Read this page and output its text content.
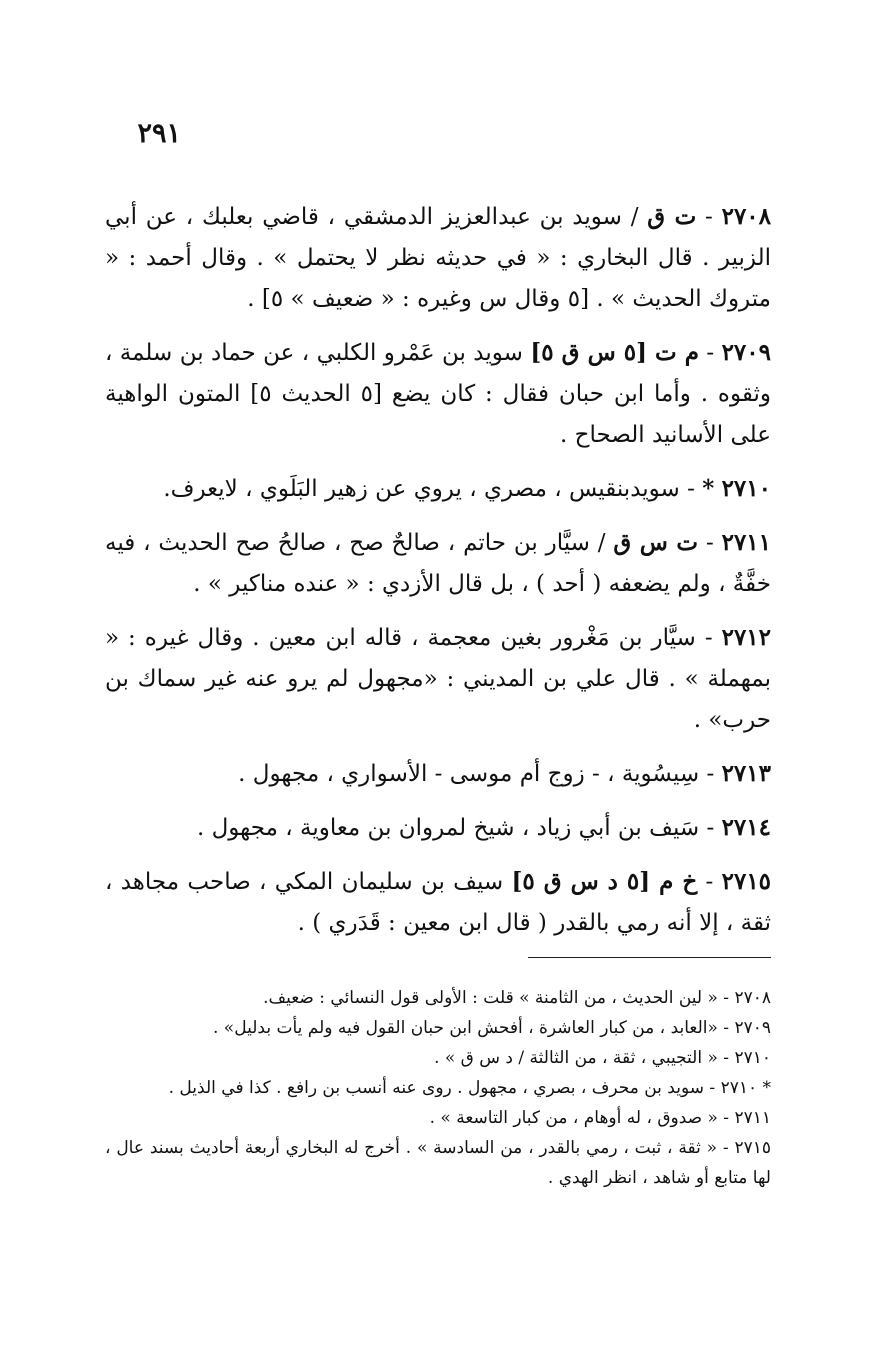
٢٩١

٢٧٠٨ - ت ق / سويد بن عبدالعزيز الدمشقي ، قاضي بعلبك ، عن أبي الزبير . قال البخاري : « في حديثه نظر لا يحتمل » . وقال أحمد : « متروك الحديث » . [٥ وقال س وغيره : « ضعيف » ٥] .

٢٧٠٩ - م ت [٥ س ق ٥] سويد بن عَمْرو الكلبي ، عن حماد بن سلمة ، وثقوه . وأما ابن حبان فقال : كان يضع [٥ الحديث ٥] المتون الواهية على الأسانيد الصحاح .

٢٧١٠ * - سويدبنقيس ، مصري ، يروي عن زهير البَلَوي ، لايعرف.

٢٧١١ - ت س ق / سيَّار بن حاتم ، صالحٌ صح ، صالحُ صح الحديث ، فيه خفَّةٌ ، ولم يضعفه ( أحد ) ، بل قال الأزدي : « عنده مناكير » .

٢٧١٢ - سيَّار بن مَغْرور بغين معجمة ، قاله ابن معين . وقال غيره : « بمهملة » . قال علي بن المديني : «مجهول لم يرو عنه غير سماك بن حرب» .

٢٧١٣ - سِيسُوية ، - زوج أم موسى - الأسواري ، مجهول .

٢٧١٤ - سَيف بن أبي زياد ، شيخ لمروان بن معاوية ، مجهول .

٢٧١٥ - خ م [٥ د س ق ٥] سيف بن سليمان المكي ، صاحب مجاهد ، ثقة ، إلا أنه رمي بالقدر ( قال ابن معين : قَدَري ) .

٢٧٠٨ - « لين الحديث ، من الثامنة » قلت : الأولى قول النسائي : ضعيف.

٢٧٠٩ - «العابد ، من كبار العاشرة ، أفحش ابن حبان القول فيه ولم يأت بدليل» .

٢٧١٠ - « التجيبي ، ثقة ، من الثالثة / د س ق » .

* ٢٧١٠ - سويد بن محرف ، بصري ، مجهول . روى عنه أنسب بن رافع . كذا في الذيل .

٢٧١١ - « صدوق ، له أوهام ، من كبار التاسعة » .

٢٧١٥ - « ثقة ، ثبت ، رمي بالقدر ، من السادسة » . أخرج له البخاري أربعة أحاديث بسند عال ، لها متابع أو شاهد ، انظر الهدي .
